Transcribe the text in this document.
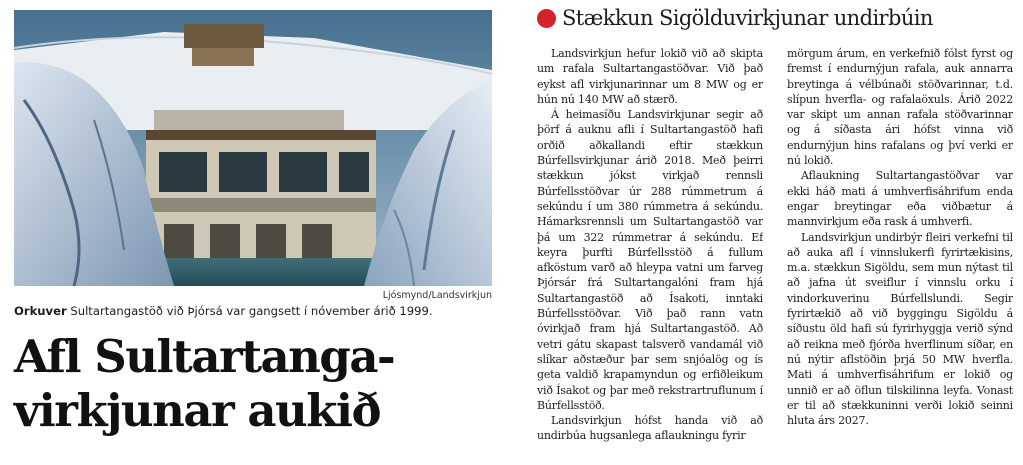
Ljósmynd/Landsvirkjun
Orkuver Sultartangastöð við Þjórsá var gangsett í nóvember árið 1999.
Afl Sultartanga-
virkjunar aukið
Stækkun Sigölduvirkjunar undirbúin

Landsvirkjun hefur lokið við að skipta um rafala Sultartangastöðvar. Við það eykst afl virkjunarinnar um 8 MW og er hún nú 140 MW að stærð.

Á heimasíðu Landsvirkjunar segir að þörf á auknu afli í Sultartangastöð hafi orðið aðkallandi eftir stækkun Búrfellsvirkjunar árið 2018. Með þeirri stækkun jókst virkjað rennsli Búrfellsstöðvar úr 288 rúmmetrum á sekúndu í um 380 rúmmetra á sekúndu. Hámarksrennsli um Sultartangastöð var þá um 322 rúmmetrar á sekúndu. Ef keyra þurfti Búrfellsstöð á fullum afköstum varð að hleypa vatni um farveg Þjórsár frá Sultartangalóni fram hjá Sultartangastöð að Ísakoti, inntaki Búrfellsstöðvar. Við það rann vatn óvirkjað fram hjá Sultartangastöð. Að vetri gátu skapast talsverð vandamál við slíkar aðstæður þar sem snjóalög og ís geta valdið krapamyndun og erfiðleikum við Ísakot og þar með rekstrartruflunum í Búrfellsstöð.

Landsvirkjun hófst handa við að undirbúa hugsanlega aflaukningu fyrir

mörgum árum, en verkefnið fólst fyrst og fremst í endurnýjun rafala, auk annarra breytinga á vélbúnaði stöðvarinnar, t.d. slípun hverfla- og rafalaöxuls. Árið 2022 var skipt um annan rafala stöðvarinnar og á síðasta ári hófst vinna við endurnýjun hins rafalans og því verki er nú lokið.

Aflaukning Sultartangastöðvar var ekki háð mati á umhverfisáhrifum enda engar breytingar eða viðbætur á mannvirkjum eða rask á umhverfi.

Landsvirkjun undirbýr fleiri verkefni til að auka afl í vinnslukerfi fyrirtækisins, m.a. stækkun Sigöldu, sem mun nýtast til að jafna út sveiflur í vinnslu orku í vindorkuverinu Búrfellslundi. Segir fyrirtækið að við byggingu Sigöldu á síðustu öld hafi sú fyrirhyggja verið sýnd að reikna með fjórða hverflinum síðar, en nú nýtir aflstöðin þrjá 50 MW hverfla. Mati á umhverfisáhrifum er lokið og unnið er að öflun tilskilinna leyfa. Vonast er til að stækkuninni verði lokið seinni hluta árs 2027.
